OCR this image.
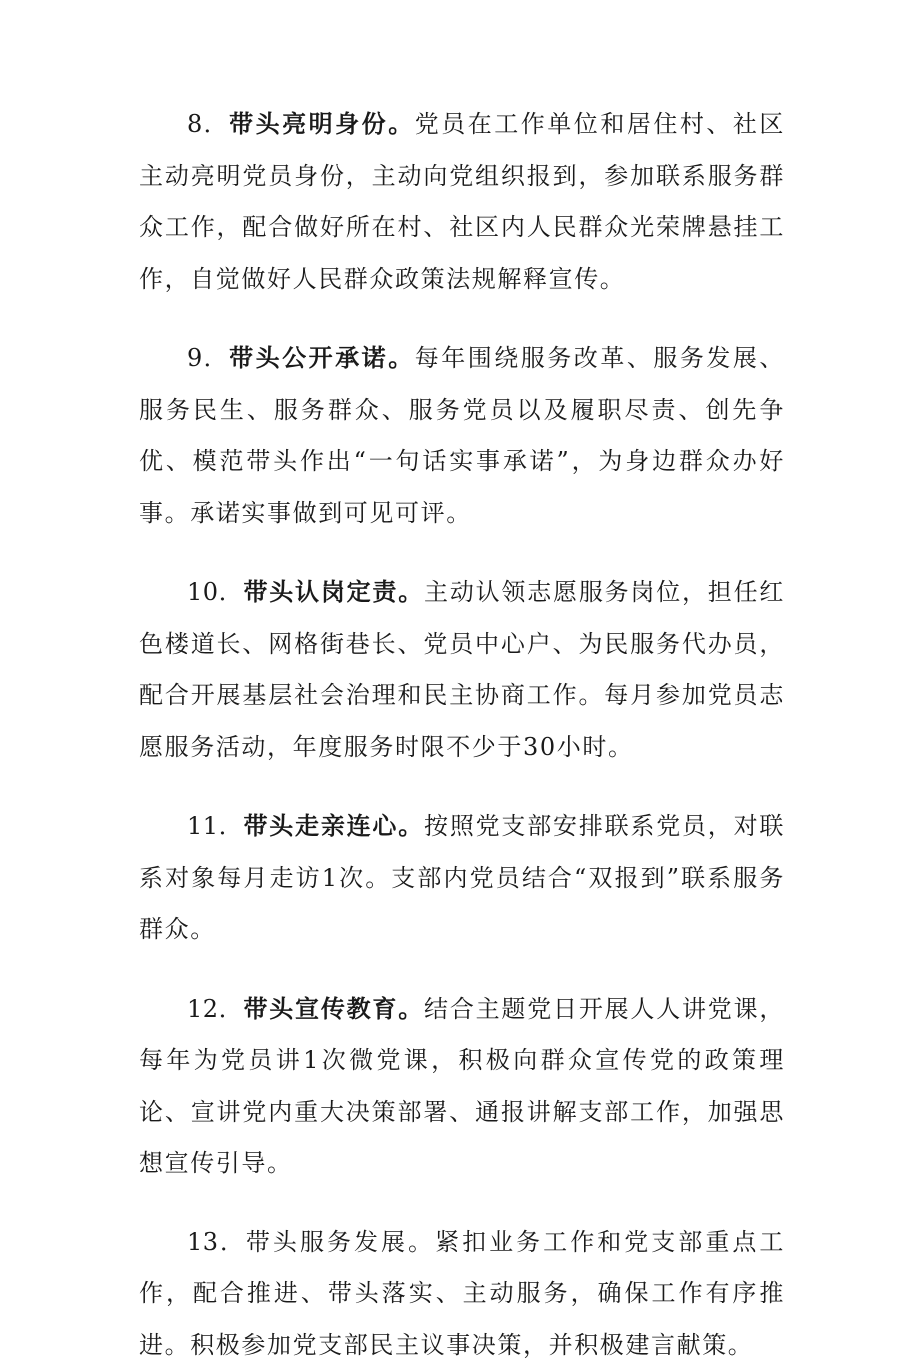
8．带头亮明身份。党员在工作单位和居住村、社区主动亮明党员身份，主动向党组织报到，参加联系服务群众工作，配合做好所在村、社区内人民群众光荣牌悬挂工作，自觉做好人民群众政策法规解释宣传。

9．带头公开承诺。每年围绕服务改革、服务发展、服务民生、服务群众、服务党员以及履职尽责、创先争优、模范带头作出“一句话实事承诺”，为身边群众办好事。承诺实事做到可见可评。

10．带头认岗定责。主动认领志愿服务岗位，担任红色楼道长、网格街巷长、党员中心户、为民服务代办员，配合开展基层社会治理和民主协商工作。每月参加党员志愿服务活动，年度服务时限不少于30小时。

11．带头走亲连心。按照党支部安排联系党员，对联系对象每月走访1次。支部内党员结合“双报到”联系服务群众。

12．带头宣传教育。结合主题党日开展人人讲党课，每年为党员讲1次微党课，积极向群众宣传党的政策理论、宣讲党内重大决策部署、通报讲解支部工作，加强思想宣传引导。

13．带头服务发展。紧扣业务工作和党支部重点工作，配合推进、带头落实、主动服务，确保工作有序推进。积极参加党支部民主议事决策，并积极建言献策。
